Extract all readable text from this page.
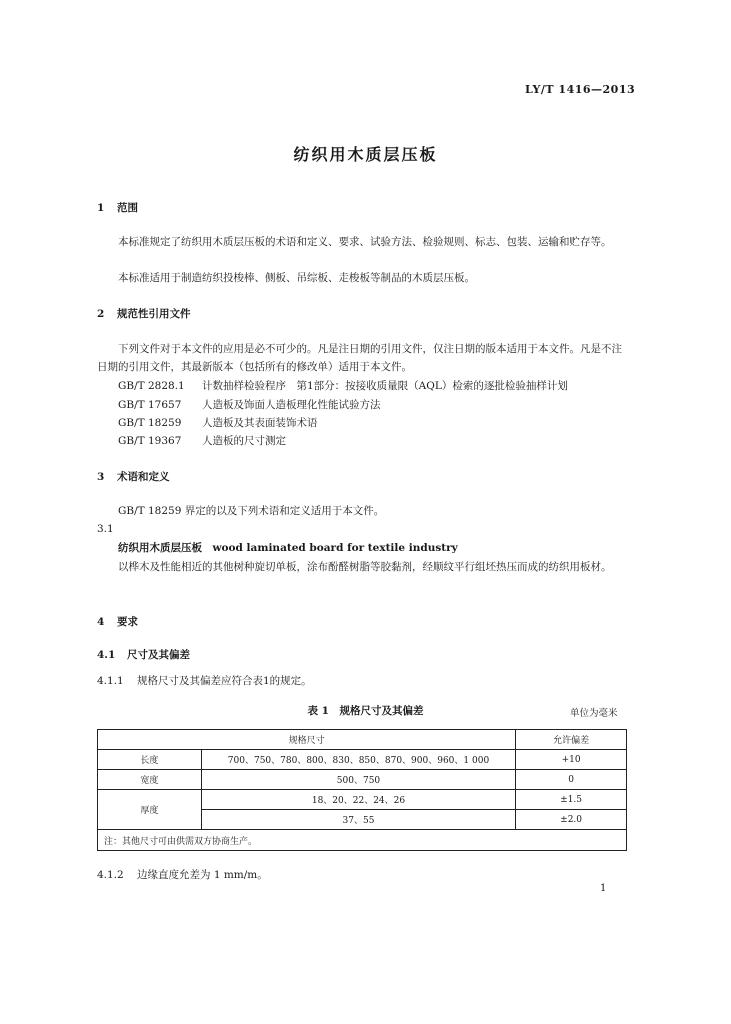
LY/T 1416—2013
纺织用木质层压板
1 范围
本标准规定了纺织用木质层压板的术语和定义、要求、试验方法、检验规则、标志、包装、运输和贮存等。
本标准适用于制造纺织投梭棒、侧板、吊综板、走梭板等制品的木质层压板。
2 规范性引用文件
下列文件对于本文件的应用是必不可少的。凡是注日期的引用文件，仅注日期的版本适用于本文件。凡是不注日期的引用文件，其最新版本（包括所有的修改单）适用于本文件。
GB/T 2828.1 计数抽样检验程序　第1部分：按接收质量限（AQL）检索的逐批检验抽样计划
GB/T 17657 人造板及饰面人造板理化性能试验方法
GB/T 18259 人造板及其表面装饰术语
GB/T 19367 人造板的尺寸测定
3 术语和定义
GB/T 18259 界定的以及下列术语和定义适用于本文件。
3.1
纺织用木质层压板　wood laminated board for textile industry
以桦木及性能相近的其他树种旋切单板，涂布酚醛树脂等胶黏剂，经顺纹平行组坯热压而成的纺织用板材。
4 要求
4.1 尺寸及其偏差
4.1.1 规格尺寸及其偏差应符合表1的规定。
表 1　规格尺寸及其偏差	单位为毫米
规格尺寸		允许偏差
长度	700、750、780、800、830、850、870、900、960、1 000	+10
宽度	500、750	0
厚度	18、20、22、24、26	±1.5
	37、55	±2.0
注：其他尺寸可由供需双方协商生产。		
4.1.2 边缘直度允差为 1 mm/m。
1
